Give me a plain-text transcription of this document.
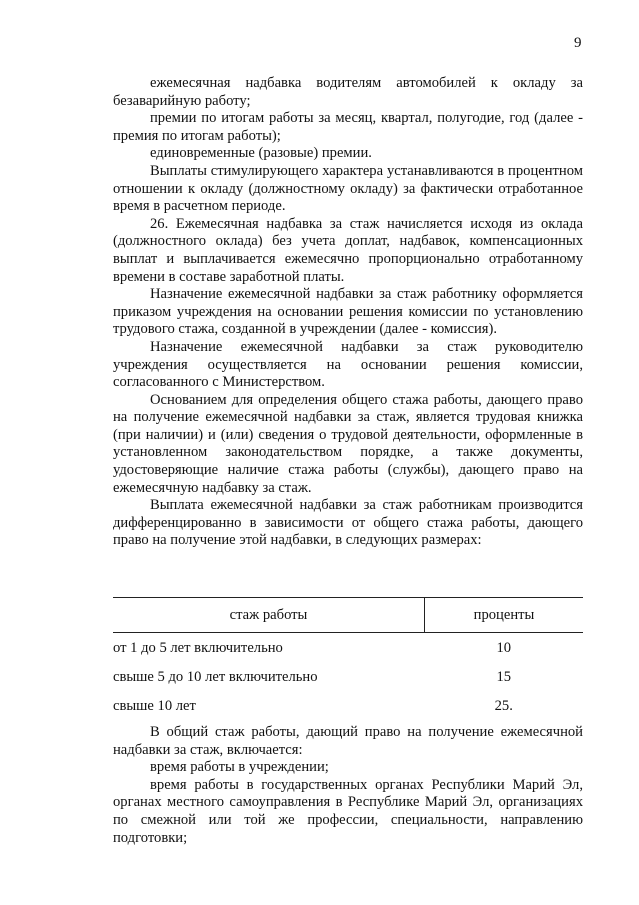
9

ежемесячная надбавка водителям автомобилей к окладу за безаварийную работу;

премии по итогам работы за месяц, квартал, полугодие, год (далее - премия по итогам работы);

единовременные (разовые) премии.

Выплаты стимулирующего характера устанавливаются в процентном отношении к окладу (должностному окладу) за фактически отработанное время в расчетном периоде.

26. Ежемесячная надбавка за стаж начисляется исходя из оклада (должностного оклада) без учета доплат, надбавок, компенсационных выплат и выплачивается ежемесячно пропорционально отработанному времени в составе заработной платы.

Назначение ежемесячной надбавки за стаж работнику оформляется приказом учреждения на основании решения комиссии по установлению трудового стажа, созданной в учреждении (далее - комиссия).

Назначение ежемесячной надбавки за стаж руководителю учреждения осуществляется на основании решения комиссии, согласованного с Министерством.

Основанием для определения общего стажа работы, дающего право на получение ежемесячной надбавки за стаж, является трудовая книжка (при наличии) и (или) сведения о трудовой деятельности, оформленные в установленном законодательством порядке, а также документы, удостоверяющие наличие стажа работы (службы), дающего право на ежемесячную надбавку за стаж.

Выплата ежемесячной надбавки за стаж работникам производится дифференцированно в зависимости от общего стажа работы, дающего право на получение этой надбавки, в следующих размерах:

стаж работы	проценты
от 1 до 5 лет включительно	10
свыше 5 до 10 лет включительно	15
свыше 10 лет	25.

В общий стаж работы, дающий право на получение ежемесячной надбавки за стаж, включается:

время работы в учреждении;

время работы в государственных органах Республики Марий Эл, органах местного самоуправления в Республике Марий Эл, организациях по смежной или той же профессии, специальности, направлению подготовки;
